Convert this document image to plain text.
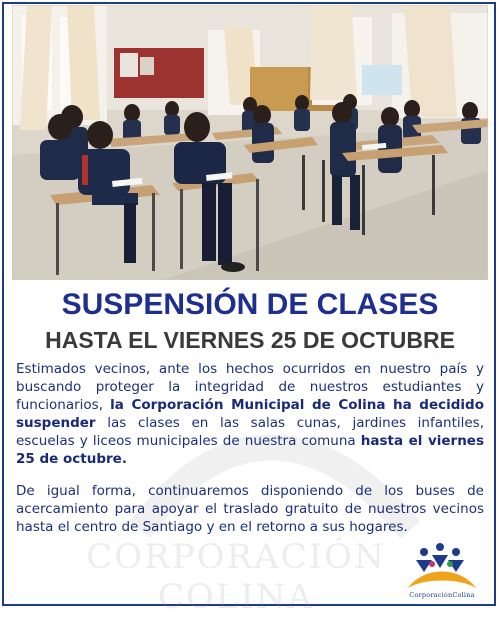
CORPORACIÓN COLINA
SUSPENSIÓN DE CLASES
HASTA EL VIERNES 25 DE OCTUBRE

Estimados vecinos, ante los hechos ocurridos en nuestro país y buscando proteger la integridad de nuestros estudiantes y funcionarios, la Corporación Municipal de Colina ha decidido suspender las clases en las salas cunas, jardines infantiles, escuelas y liceos municipales de nuestra comuna hasta el viernes 25 de octubre.

De igual forma, continuaremos disponiendo de los buses de acercamiento para apoyar el traslado gratuito de nuestros vecinos hasta el centro de Santiago y en el retorno a sus hogares.

CorporaciónColina
